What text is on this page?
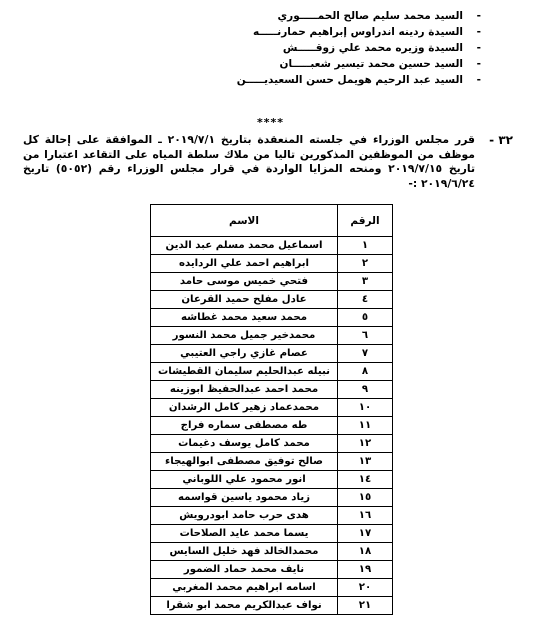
-السيد محمد سليم صالح الحمـــــوري
-السيدة ردينه اندراوس إبراهيم حمارنـــــه
-السيدة وزيره محمد علي زوقـــــش
-السيد حسين محمد تيسير شعبـــــان
-السيد عبد الرحيم هويمل حسن السعيديـــــن
****
٣٢ -

قرر مجلس الوزراء في جلسته المنعقدة بتاريخ ٢٠١٩/٧/١ ـ الموافقة على إحالة كل موظف من الموظفين المذكورين تاليا من ملاك سلطة المياه على التقاعد اعتبارا من تاريخ ٢٠١٩/٧/١٥ ومنحه المزايا الواردة في قرار مجلس الوزراء رقم (٥٠٥٢) تاريخ ٢٠١٩/٦/٢٤ :-

الرقم	الاسم
١	اسماعيل محمد مسلم عبد الدين
٢	ابراهيم احمد علي الردايده
٣	فتحي خميس موسى حامد
٤	عادل مفلح حميد القرعان
٥	محمد سعيد محمد غطاشه
٦	محمدخير جميل محمد النسور
٧	عصام غازي راجي العتيبي
٨	نبيله عبدالحليم سليمان القطيشات
٩	محمد احمد عبدالحفيظ ابوزينه
١٠	محمدعماد زهير كامل الرشدان
١١	طه مصطفى سماره فراج
١٢	محمد كامل يوسف دغيمات
١٣	صالح توفيق مصطفى ابوالهيجاء
١٤	انور محمود علي اللوباني
١٥	زياد محمود ياسين قواسمه
١٦	هدى حرب حامد ابودرويش
١٧	يسما محمد عايد الصلاحات
١٨	محمدالخالد فهد خليل السايس
١٩	نايف محمد حماد الضمور
٢٠	اسامه ابراهيم محمد المغربي
٢١	نواف عبدالكريم محمد ابو شقرا
